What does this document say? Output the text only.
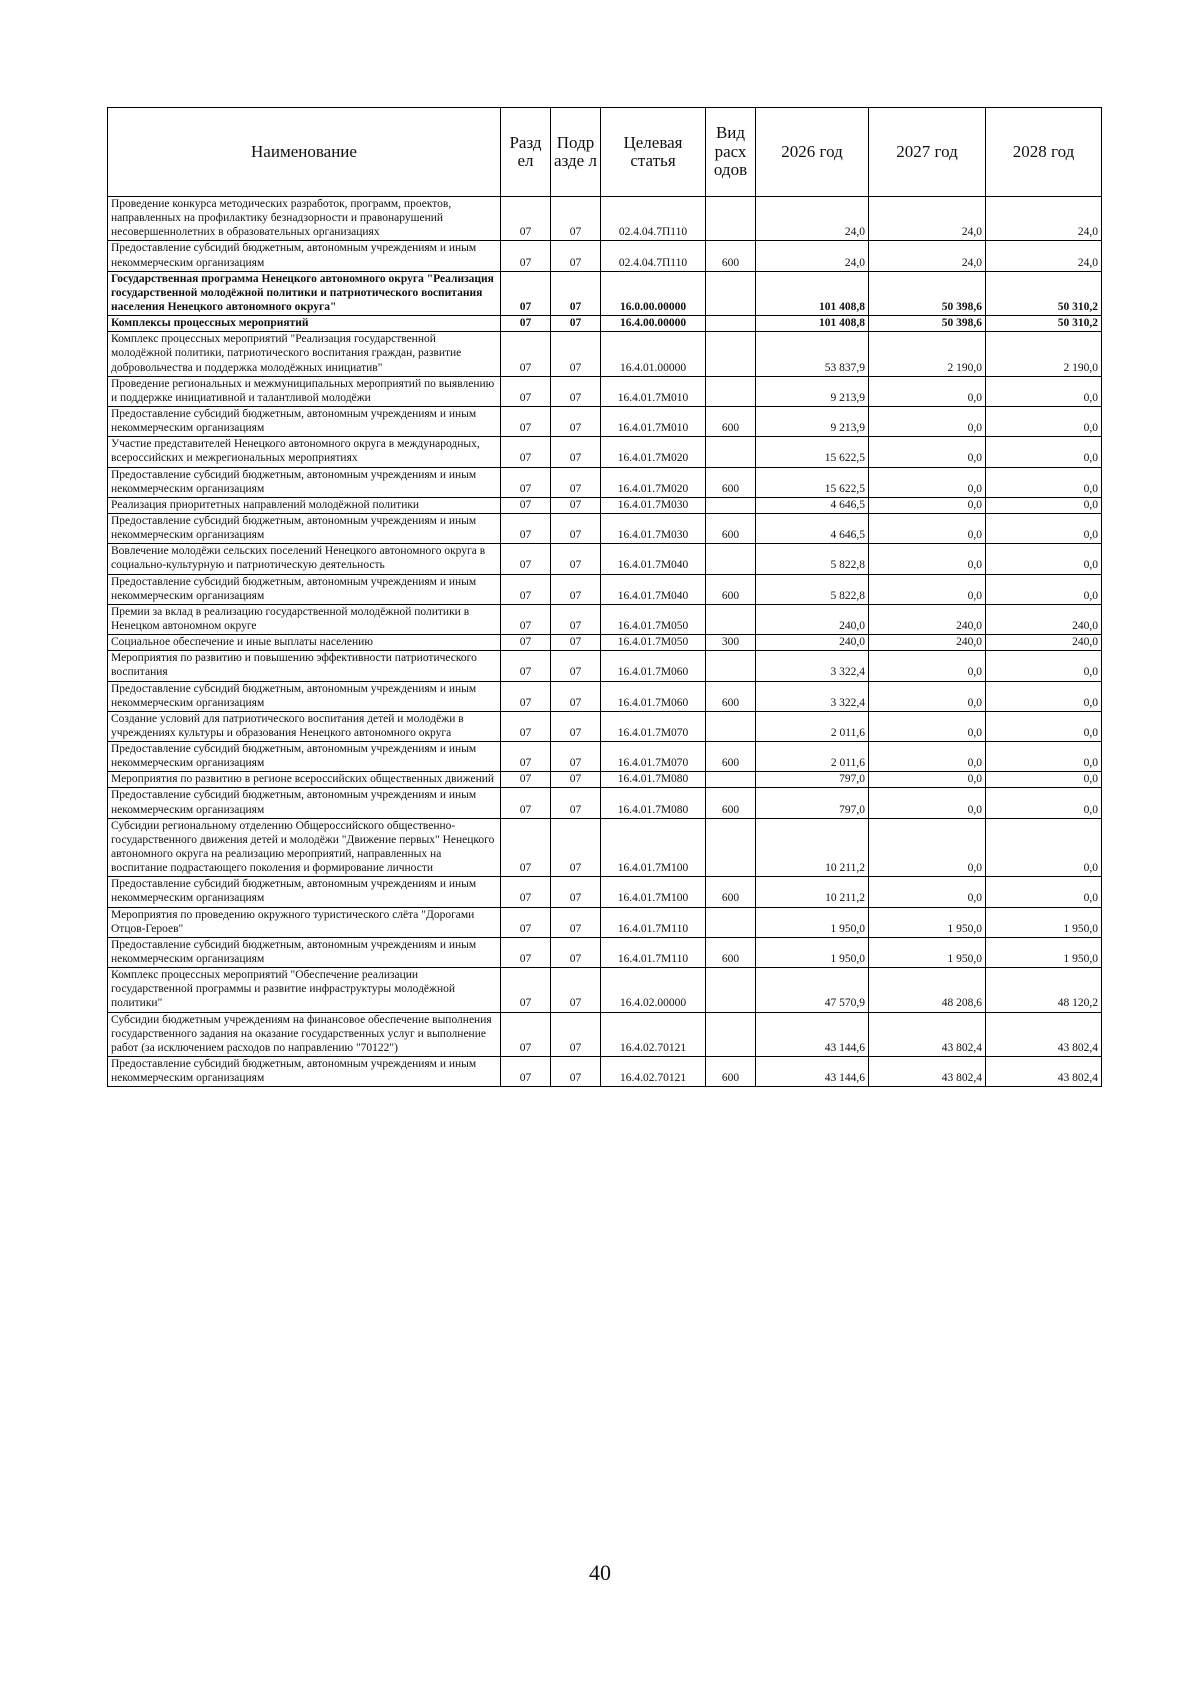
Наименование	Разд ел	Подр азде л	Целевая статья	Вид расх одов	2026 год	2027 год	2028 год
Проведение конкурса методических разработок, программ, проектов, направленных на профилактику безнадзорности и правонарушений несовершеннолетних в образовательных организациях	07	07	02.4.04.7П110		24,0	24,0	24,0
Предоставление субсидий бюджетным, автономным учреждениям и иным некоммерческим организациям	07	07	02.4.04.7П110	600	24,0	24,0	24,0
Государственная программа Ненецкого автономного округа "Реализация государственной молодёжной политики и патриотического воспитания населения Ненецкого автономного округа"	07	07	16.0.00.00000		101 408,8	50 398,6	50 310,2
Комплексы процессных мероприятий	07	07	16.4.00.00000		101 408,8	50 398,6	50 310,2
Комплекс процессных мероприятий "Реализация государственной молодёжной политики, патриотического воспитания граждан, развитие добровольчества и поддержка молодёжных инициатив"	07	07	16.4.01.00000		53 837,9	2 190,0	2 190,0
Проведение региональных и межмуниципальных мероприятий по выявлению и поддержке инициативной и талантливой молодёжи	07	07	16.4.01.7М010		9 213,9	0,0	0,0
Предоставление субсидий бюджетным, автономным учреждениям и иным некоммерческим организациям	07	07	16.4.01.7М010	600	9 213,9	0,0	0,0
Участие представителей Ненецкого автономного округа в международных, всероссийских и межрегиональных мероприятиях	07	07	16.4.01.7М020		15 622,5	0,0	0,0
Предоставление субсидий бюджетным, автономным учреждениям и иным некоммерческим организациям	07	07	16.4.01.7М020	600	15 622,5	0,0	0,0
Реализация приоритетных направлений молодёжной политики	07	07	16.4.01.7М030		4 646,5	0,0	0,0
Предоставление субсидий бюджетным, автономным учреждениям и иным некоммерческим организациям	07	07	16.4.01.7М030	600	4 646,5	0,0	0,0
Вовлечение молодёжи сельских поселений Ненецкого автономного округа в социально-культурную и патриотическую деятельность	07	07	16.4.01.7М040		5 822,8	0,0	0,0
Предоставление субсидий бюджетным, автономным учреждениям и иным некоммерческим организациям	07	07	16.4.01.7М040	600	5 822,8	0,0	0,0
Премии за вклад в реализацию государственной молодёжной политики в Ненецком автономном округе	07	07	16.4.01.7М050		240,0	240,0	240,0
Социальное обеспечение и иные выплаты населению	07	07	16.4.01.7М050	300	240,0	240,0	240,0
Мероприятия по развитию и повышению эффективности патриотического воспитания	07	07	16.4.01.7М060		3 322,4	0,0	0,0
Предоставление субсидий бюджетным, автономным учреждениям и иным некоммерческим организациям	07	07	16.4.01.7М060	600	3 322,4	0,0	0,0
Создание условий для патриотического воспитания детей и молодёжи в учреждениях культуры и образования Ненецкого автономного округа	07	07	16.4.01.7М070		2 011,6	0,0	0,0
Предоставление субсидий бюджетным, автономным учреждениям и иным некоммерческим организациям	07	07	16.4.01.7М070	600	2 011,6	0,0	0,0
Мероприятия по развитию в регионе всероссийских общественных движений	07	07	16.4.01.7М080		797,0	0,0	0,0
Предоставление субсидий бюджетным, автономным учреждениям и иным некоммерческим организациям	07	07	16.4.01.7М080	600	797,0	0,0	0,0
Субсидии региональному отделению Общероссийского общественно-государственного движения детей и молодёжи "Движение первых" Ненецкого автономного округа на реализацию мероприятий, направленных на воспитание подрастающего поколения и формирование личности	07	07	16.4.01.7М100		10 211,2	0,0	0,0
Предоставление субсидий бюджетным, автономным учреждениям и иным некоммерческим организациям	07	07	16.4.01.7М100	600	10 211,2	0,0	0,0
Мероприятия по проведению окружного туристического слёта "Дорогами Отцов-Героев"	07	07	16.4.01.7М110		1 950,0	1 950,0	1 950,0
Предоставление субсидий бюджетным, автономным учреждениям и иным некоммерческим организациям	07	07	16.4.01.7М110	600	1 950,0	1 950,0	1 950,0
Комплекс процессных мероприятий "Обеспечение реализации государственной программы и развитие инфраструктуры молодёжной политики"	07	07	16.4.02.00000		47 570,9	48 208,6	48 120,2
Субсидии бюджетным учреждениям на финансовое обеспечение выполнения государственного задания на оказание государственных услуг и выполнение работ (за исключением расходов по направлению "70122")	07	07	16.4.02.70121		43 144,6	43 802,4	43 802,4
Предоставление субсидий бюджетным, автономным учреждениям и иным некоммерческим организациям	07	07	16.4.02.70121	600	43 144,6	43 802,4	43 802,4
40
